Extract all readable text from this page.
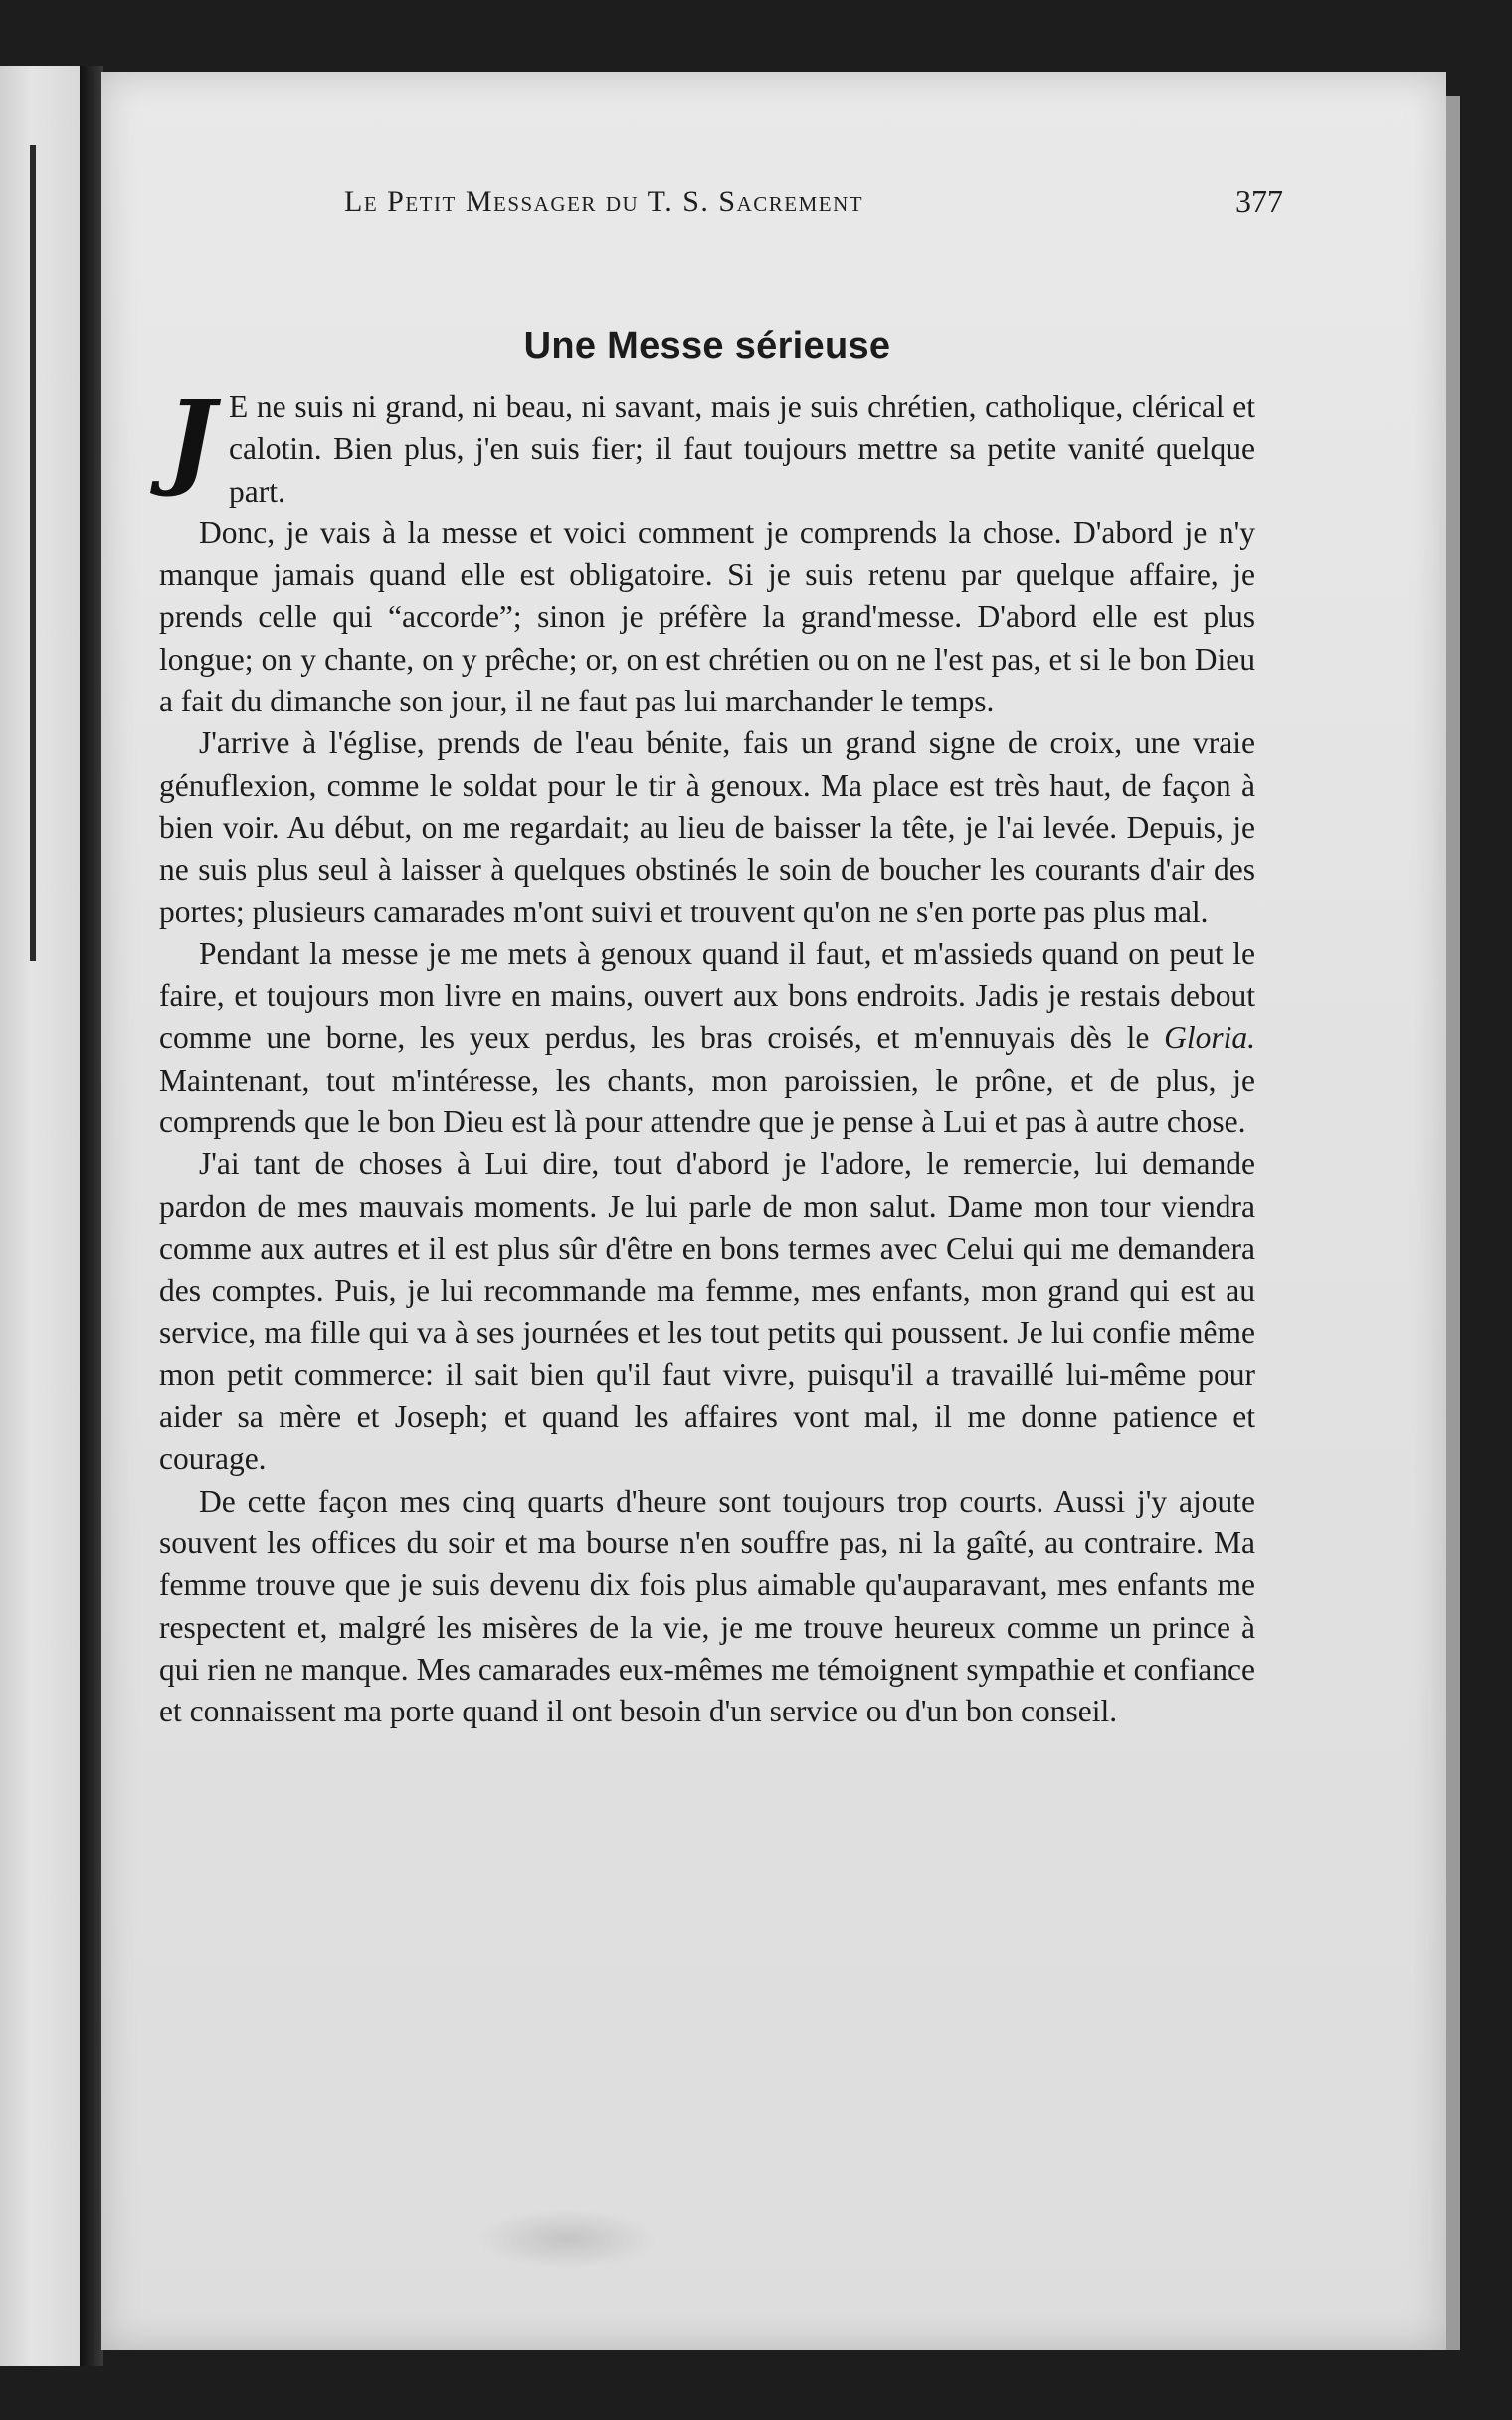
Le Petit Messager du T. S. Sacrement	377
Une Messe sérieuse

J E ne suis ni grand, ni beau, ni savant, mais je suis chrétien, catholique, clérical et calotin. Bien plus, j'en suis fier; il faut toujours mettre sa petite vanité quelque part.

Donc, je vais à la messe et voici comment je comprends la chose. D'abord je n'y manque jamais quand elle est obligatoire. Si je suis retenu par quelque affaire, je prends celle qui “accorde”; sinon je préfère la grand'messe. D'abord elle est plus longue; on y chante, on y prêche; or, on est chrétien ou on ne l'est pas, et si le bon Dieu a fait du dimanche son jour, il ne faut pas lui marchander le temps.

J'arrive à l'église, prends de l'eau bénite, fais un grand signe de croix, une vraie génuflexion, comme le soldat pour le tir à genoux. Ma place est très haut, de façon à bien voir. Au début, on me regardait; au lieu de baisser la tête, je l'ai levée. Depuis, je ne suis plus seul à laisser à quelques obstinés le soin de boucher les courants d'air des portes; plusieurs camarades m'ont suivi et trouvent qu'on ne s'en porte pas plus mal.

Pendant la messe je me mets à genoux quand il faut, et m'assieds quand on peut le faire, et toujours mon livre en mains, ouvert aux bons endroits. Jadis je restais debout comme une borne, les yeux perdus, les bras croisés, et m'ennuyais dès le Gloria. Maintenant, tout m'intéresse, les chants, mon paroissien, le prône, et de plus, je comprends que le bon Dieu est là pour attendre que je pense à Lui et pas à autre chose.

J'ai tant de choses à Lui dire, tout d'abord je l'adore, le remercie, lui demande pardon de mes mauvais moments. Je lui parle de mon salut. Dame mon tour viendra comme aux autres et il est plus sûr d'être en bons termes avec Celui qui me demandera des comptes. Puis, je lui recommande ma femme, mes enfants, mon grand qui est au service, ma fille qui va à ses journées et les tout petits qui poussent. Je lui confie même mon petit commerce: il sait bien qu'il faut vivre, puisqu'il a travaillé lui-même pour aider sa mère et Joseph; et quand les affaires vont mal, il me donne patience et courage.

De cette façon mes cinq quarts d'heure sont toujours trop courts. Aussi j'y ajoute souvent les offices du soir et ma bourse n'en souffre pas, ni la gaîté, au contraire. Ma femme trouve que je suis devenu dix fois plus aimable qu'auparavant, mes enfants me respectent et, malgré les misères de la vie, je me trouve heureux comme un prince à qui rien ne manque. Mes camarades eux-mêmes me témoignent sympathie et confiance et connaissent ma porte quand il ont besoin d'un service ou d'un bon conseil.
